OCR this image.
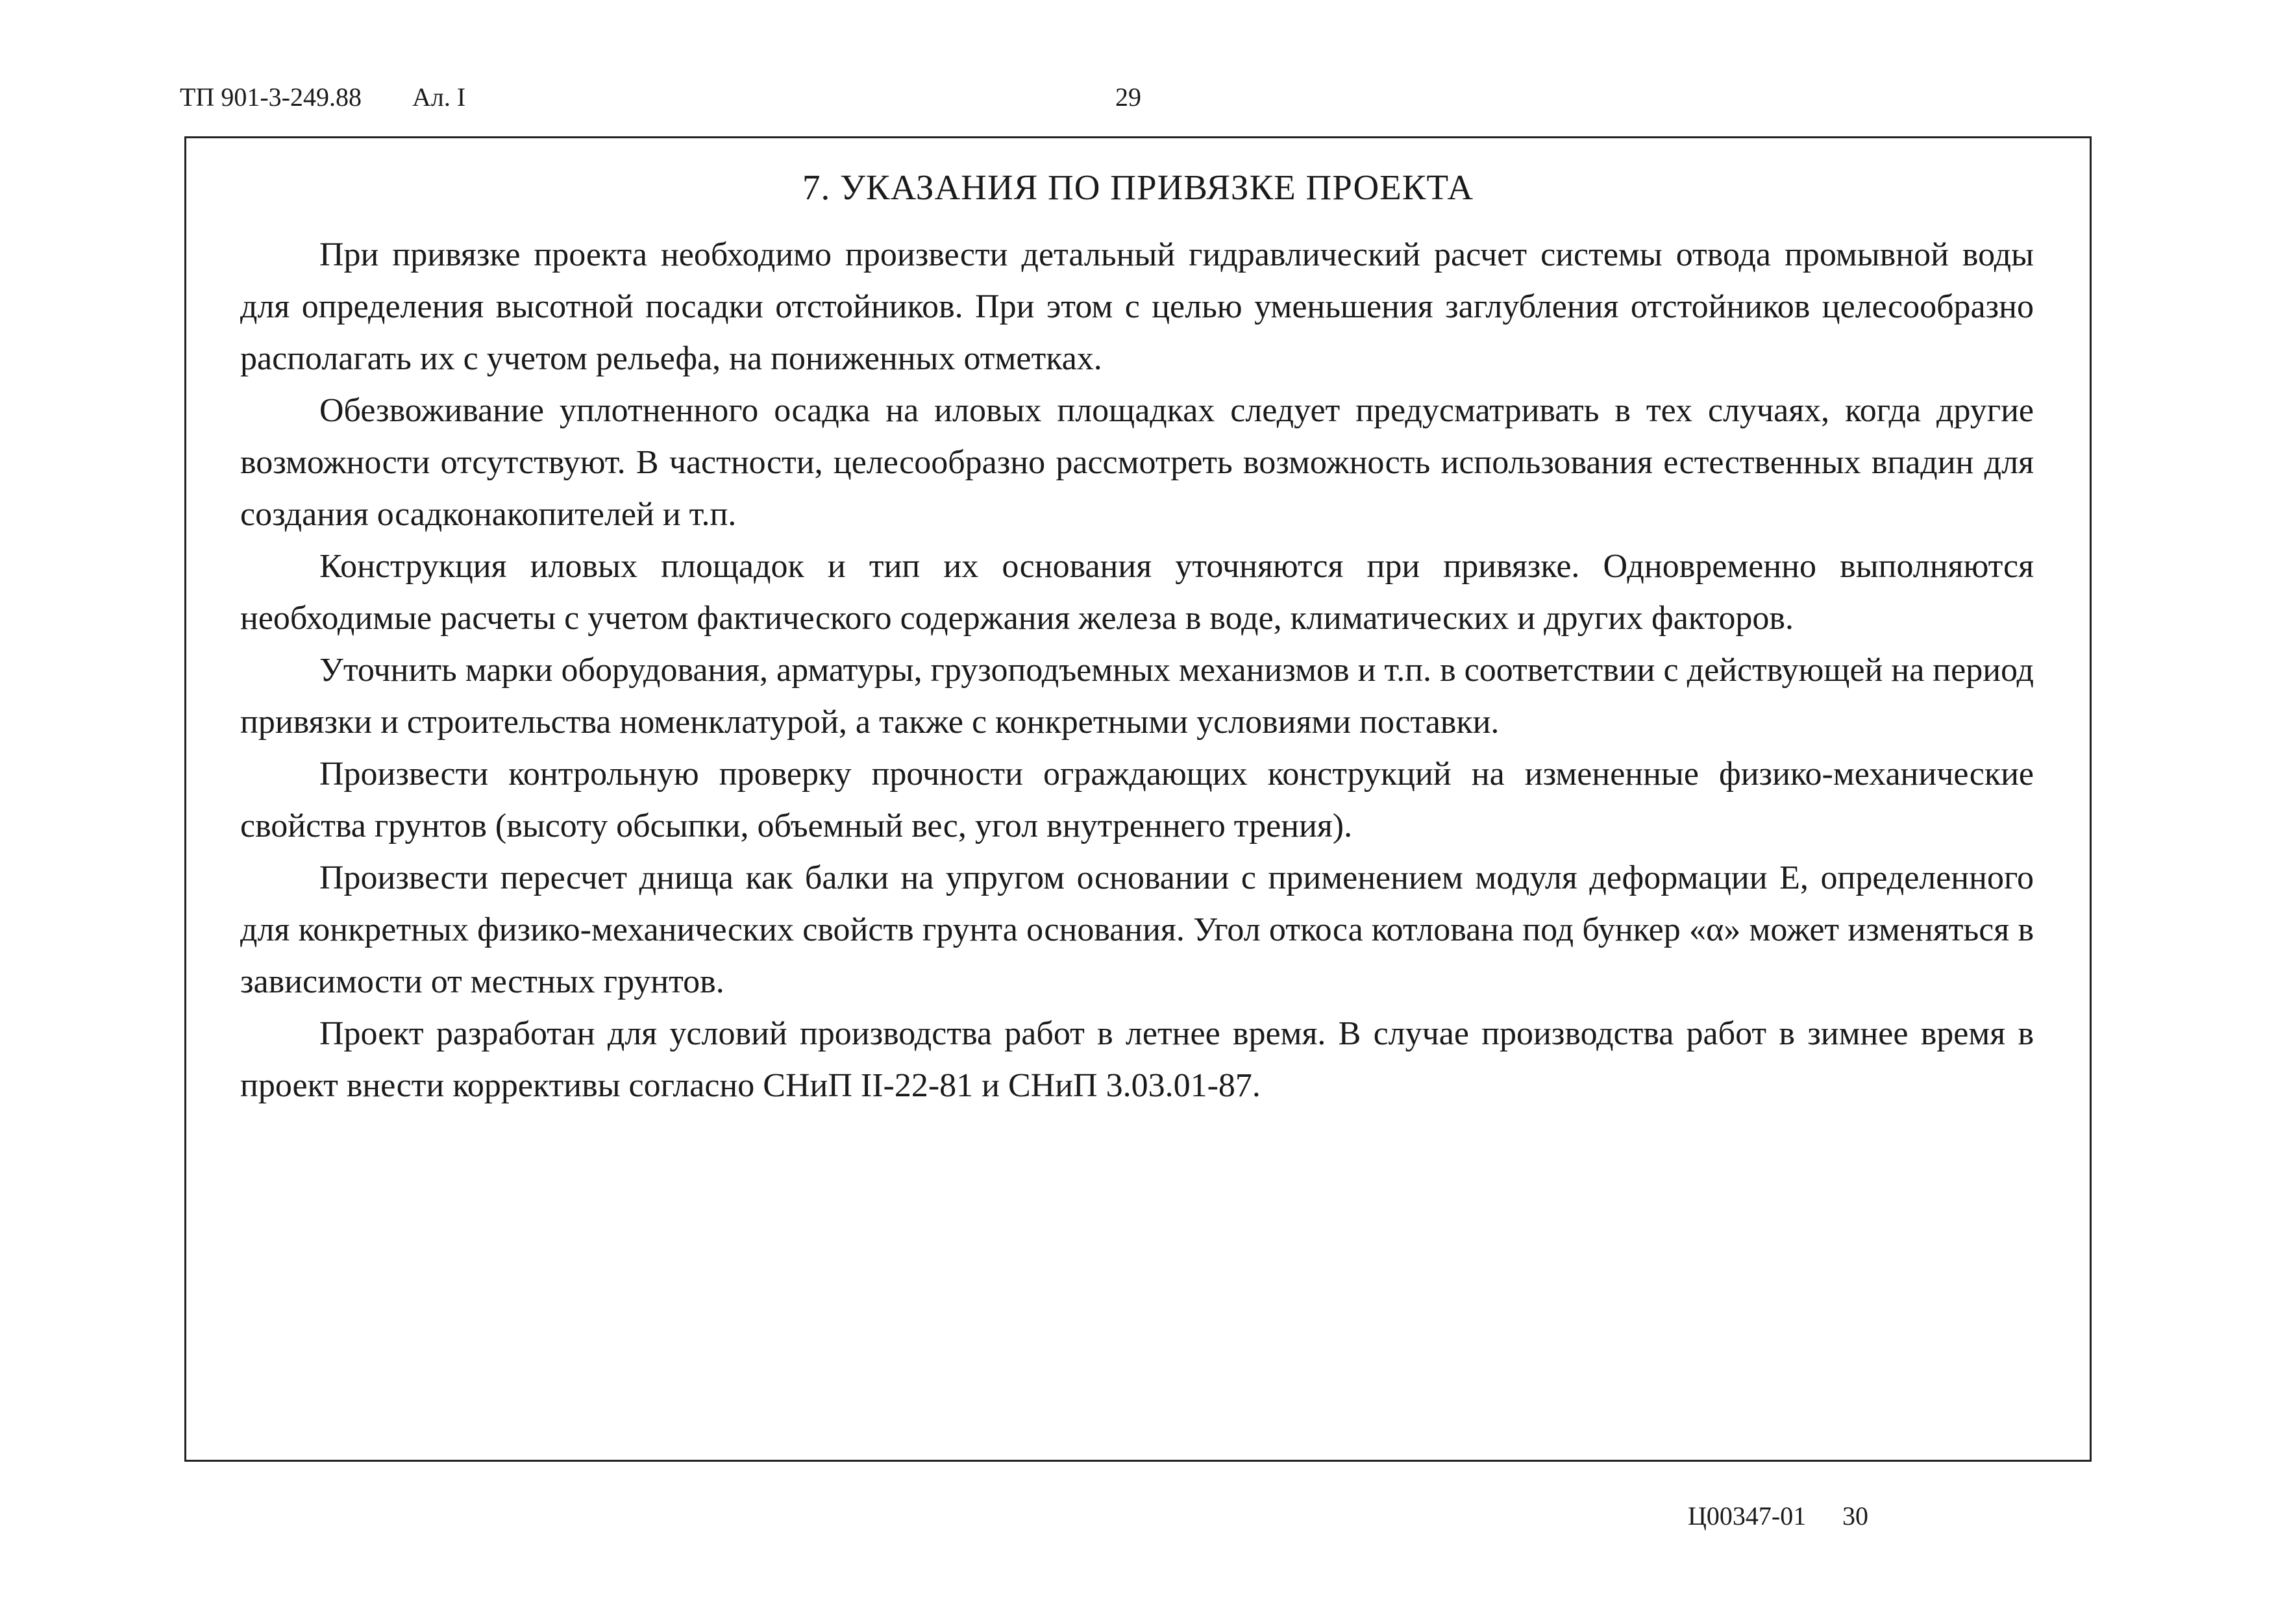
ТП 901-3-249.88 Ал. I	29
7. УКАЗАНИЯ ПО ПРИВЯЗКЕ ПРОЕКТА

При привязке проекта необходимо произвести детальный гидравлический расчет системы отвода промывной воды для определения высотной посадки отстойников. При этом с целью уменьшения заглубления отстойников целесообразно располагать их с учетом рельефа, на пониженных отметках.

Обезвоживание уплотненного осадка на иловых площадках следует предусматривать в тех случаях, когда другие возможности отсутствуют. В частности, целесообразно рассмотреть возможность использования естественных впадин для создания осадконакопителей и т.п.

Конструкция иловых площадок и тип их основания уточняются при привязке. Одновременно выполняются необходимые расчеты с учетом фактического содержания железа в воде, климатических и других факторов.

Уточнить марки оборудования, арматуры, грузоподъемных механизмов и т.п. в соответствии с действующей на период привязки и строительства номенклатурой, а также с конкретными условиями поставки.

Произвести контрольную проверку прочности ограждающих конструкций на измененные физико-механические свойства грунтов (высоту обсыпки, объемный вес, угол внутреннего трения).

Произвести пересчет днища как балки на упругом основании с применением модуля деформации E, определенного для конкретных физико-механических свойств грунта основания. Угол откоса котлована под бункер «α» может изменяться в зависимости от местных грунтов.

Проект разработан для условий производства работ в летнее время. В случае производства работ в зимнее время в проект внести коррективы согласно СНиП II-22-81 и СНиП 3.03.01-87.

Ц00347-01 30
